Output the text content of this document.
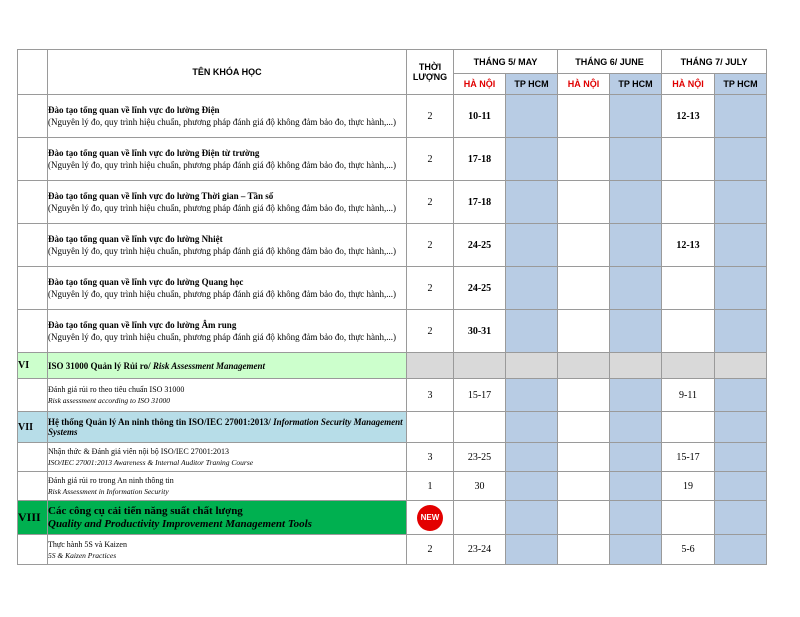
	TÊN KHÓA HỌC	THỜI LƯỢNG	THÁNG 5/ MAY		THÁNG 6/ JUNE		THÁNG 7/ JULY	
			HÀ NỘI	TP HCM	HÀ NỘI	TP HCM	HÀ NỘI	TP HCM

	Đào tạo tổng quan về lĩnh vực đo lường Điện
(Nguyên lý đo, quy trình hiệu chuẩn, phương pháp đánh giá độ không đảm bảo đo, thực hành,...)	2	10-11				12-13	

	Đào tạo tổng quan về lĩnh vực đo lường Điện từ trường
(Nguyên lý đo, quy trình hiệu chuẩn, phương pháp đánh giá độ không đảm bảo đo, thực hành,...)	2	17-18					

	Đào tạo tổng quan về lĩnh vực đo lường Thời gian – Tần số
(Nguyên lý đo, quy trình hiệu chuẩn, phương pháp đánh giá độ không đảm bảo đo, thực hành,...)	2	17-18					

	Đào tạo tổng quan về lĩnh vực đo lường Nhiệt
(Nguyên lý đo, quy trình hiệu chuẩn, phương pháp đánh giá độ không đảm bảo đo, thực hành,...)	2	24-25				12-13	

	Đào tạo tổng quan về lĩnh vực đo lường Quang học
(Nguyên lý đo, quy trình hiệu chuẩn, phương pháp đánh giá độ không đảm bảo đo, thực hành,...)	2	24-25					

	Đào tạo tổng quan về lĩnh vực đo lường Âm rung
(Nguyên lý đo, quy trình hiệu chuẩn, phương pháp đánh giá độ không đảm bảo đo, thực hành,...)	2	30-31					
VI	ISO 31000 Quản lý Rủi ro/ Risk Assessment Management							

	Đánh giá rủi ro theo tiêu chuẩn ISO 31000
Risk assessment according to ISO 31000	3	15-17				9-11	
VII	Hệ thống Quản lý An ninh thông tin ISO/IEC 27001:2013/ Information Security Management Systems							

	Nhận thức & Đánh giá viên nội bộ ISO/IEC 27001:2013
ISO/IEC 27001:2013 Awareness & Internal Auditor Traning Course	3	23-25				15-17	

	Đánh giá rủi ro trong An ninh thông tin
Risk Assessment in Information Security	1	30				19	
VIII	Các công cụ cải tiến năng suất chất lượng
Quality and Productivity Improvement Management Tools	NEW						

	Thực hành 5S và Kaizen
5S & Kaizen Practices	2	23-24				5-6	
